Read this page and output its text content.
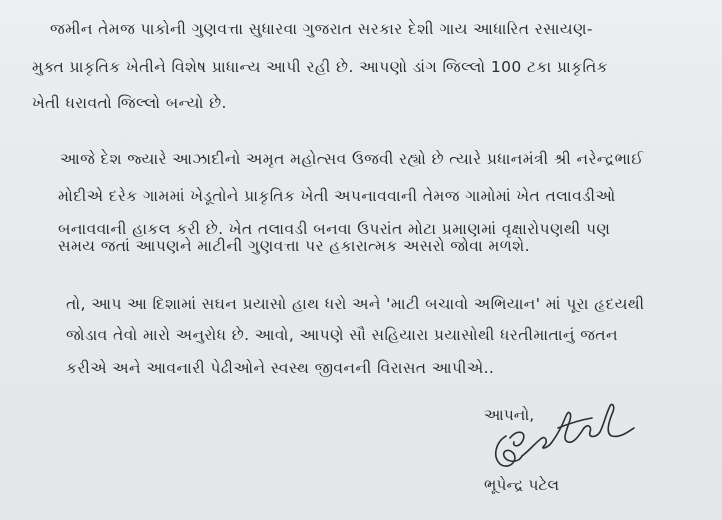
જમીન તેમજ પાકોની ગુણવત્તા સુધારવા ગુજરાત સરકાર દેશી ગાય આધારિત રસાયણ-
મુક્ત પ્રાકૃતિક ખેતીને વિશેષ પ્રાધાન્ય આપી રહી છે. આપણો ડાંગ જિલ્લો 100 ટકા પ્રાકૃતિક
ખેતી ધરાવતો જિલ્લો બન્યો છે.
આજે દેશ જ્યારે આઝાદીનો અમૃત મહોત્સવ ઉજવી રહ્યો છે ત્યારે પ્રધાનમંત્રી શ્રી નરેન્દ્રભાઈ
મોદીએ દરેક ગામમાં ખેડૂતોને પ્રાકૃતિક ખેતી અપનાવવાની તેમજ ગામોમાં ખેત તલાવડીઓ
બનાવવાની હાકલ કરી છે. ખેત તલાવડી બનવા ઉપરાંત મોટા પ્રમાણમાં વૃક્ષારોપણથી પણ
સમય જતાં આપણને માટીની ગુણવત્તા પર હકારાત્મક અસરો જોવા મળશે.
તો, આપ આ દિશામાં સઘન પ્રયાસો હાથ ધરો અને 'માટી બચાવો અભિયાન' માં પૂરા હૃદયથી
જોડાવ તેવો મારો અનુરોધ છે. આવો, આપણે સૌ સહિયારા પ્રયાસોથી ધરતીમાતાનું જતન
કરીએ અને આવનારી પેઢીઓને સ્વસ્થ જીવનની વિરાસત આપીએ..
આપનો,
ભૂપેન્દ્ર પટેલ
